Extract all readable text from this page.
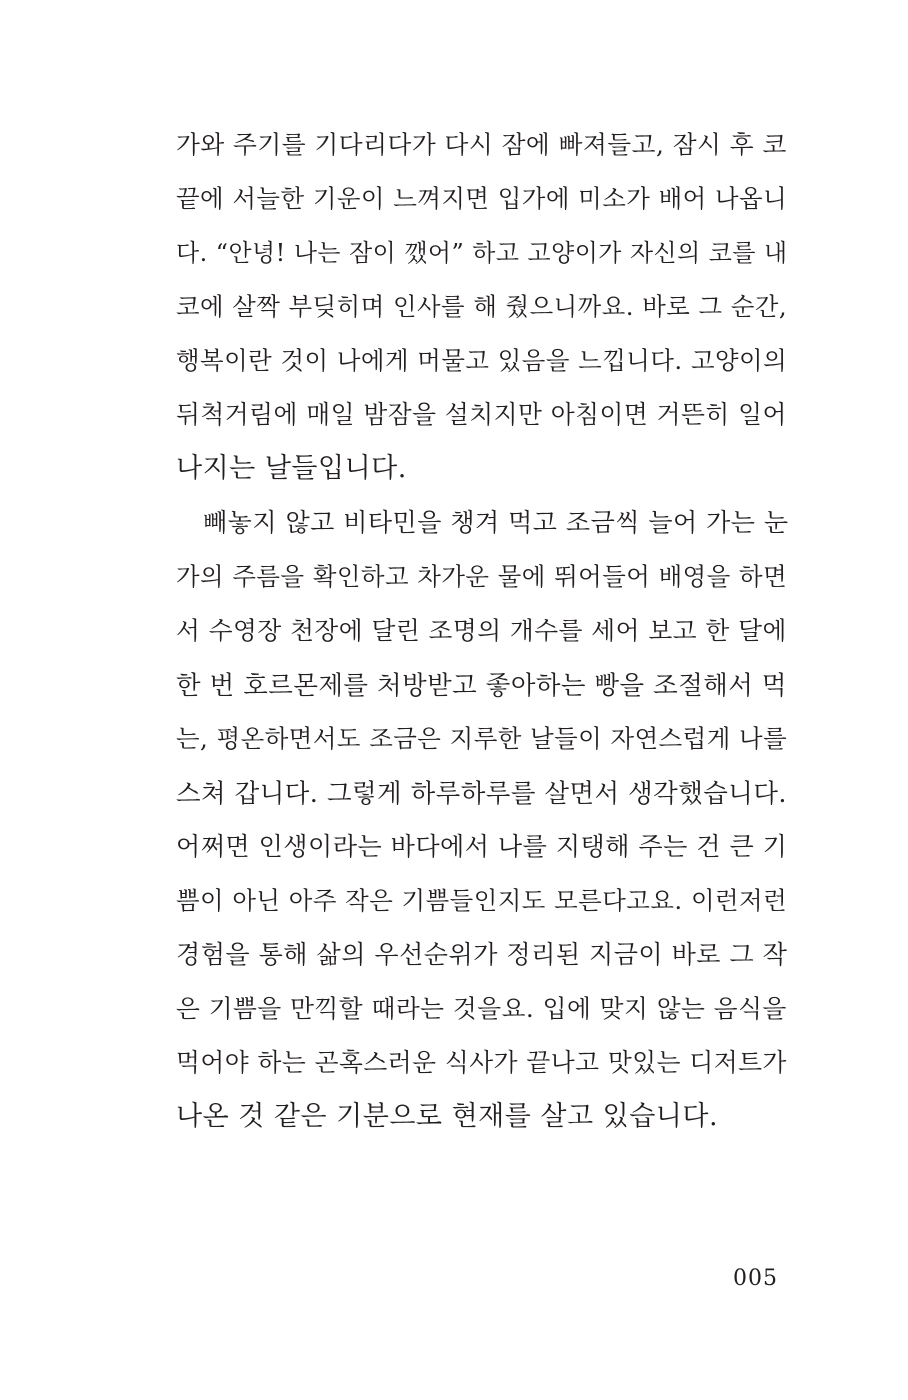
가와 주기를 기다리다가 다시 잠에 빠져들고, 잠시 후 코
끝에 서늘한 기운이 느껴지면 입가에 미소가 배어 나옵니
다. “안녕! 나는 잠이 깼어” 하고 고양이가 자신의 코를 내
코에 살짝 부딪히며 인사를 해 줬으니까요. 바로 그 순간,
행복이란 것이 나에게 머물고 있음을 느낍니다. 고양이의
뒤척거림에 매일 밤잠을 설치지만 아침이면 거뜬히 일어
나지는 날들입니다.
빼놓지 않고 비타민을 챙겨 먹고 조금씩 늘어 가는 눈
가의 주름을 확인하고 차가운 물에 뛰어들어 배영을 하면
서 수영장 천장에 달린 조명의 개수를 세어 보고 한 달에
한 번 호르몬제를 처방받고 좋아하는 빵을 조절해서 먹
는, 평온하면서도 조금은 지루한 날들이 자연스럽게 나를
스쳐 갑니다. 그렇게 하루하루를 살면서 생각했습니다.
어쩌면 인생이라는 바다에서 나를 지탱해 주는 건 큰 기
쁨이 아닌 아주 작은 기쁨들인지도 모른다고요. 이런저런
경험을 통해 삶의 우선순위가 정리된 지금이 바로 그 작
은 기쁨을 만끽할 때라는 것을요. 입에 맞지 않는 음식을
먹어야 하는 곤혹스러운 식사가 끝나고 맛있는 디저트가
나온 것 같은 기분으로 현재를 살고 있습니다.
005
